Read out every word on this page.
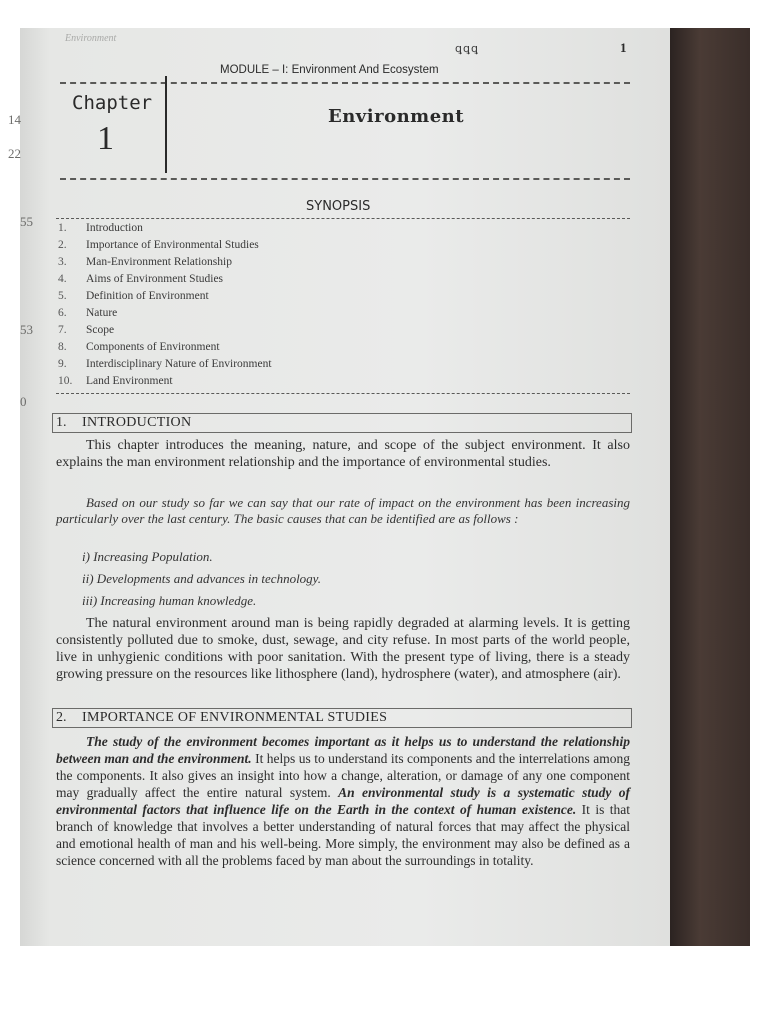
Environment
ꝗꝗꝗ	1
14
22
55
53
0
MODULE – I: Environment And Ecosystem
Chapter
1
Environment
SYNOPSIS
1.	Introduction
2.	Importance of Environmental Studies
3.	Man-Environment Relationship
4.	Aims of Environment Studies
5.	Definition of Environment
6.	Nature
7.	Scope
8.	Components of Environment
9.	Interdisciplinary Nature of Environment
10.	Land Environment
1. INTRODUCTION

This chapter introduces the meaning, nature, and scope of the subject environment. It also explains the man environment relationship and the importance of environmental studies.

Based on our study so far we can say that our rate of impact on the environment has been increasing particularly over the last century. The basic causes that can be identified are as follows :

i) Increasing Population.
ii) Developments and advances in technology.
iii) Increasing human knowledge.

The natural environment around man is being rapidly degraded at alarming levels. It is getting consistently polluted due to smoke, dust, sewage, and city refuse. In most parts of the world people, live in unhygienic conditions with poor sanitation. With the present type of living, there is a steady growing pressure on the resources like lithosphere (land), hydrosphere (water), and atmosphere (air).

2. IMPORTANCE OF ENVIRONMENTAL STUDIES

The study of the environment becomes important as it helps us to understand the relationship between man and the environment. It helps us to understand its components and the interrelations among the components. It also gives an insight into how a change, alteration, or damage of any one component may gradually affect the entire natural system. An environmental study is a systematic study of environmental factors that influence life on the Earth in the context of human existence. It is that branch of knowledge that involves a better understanding of natural forces that may affect the physical and emotional health of man and his well-being. More simply, the environment may also be defined as a science concerned with all the problems faced by man about the surroundings in totality.
